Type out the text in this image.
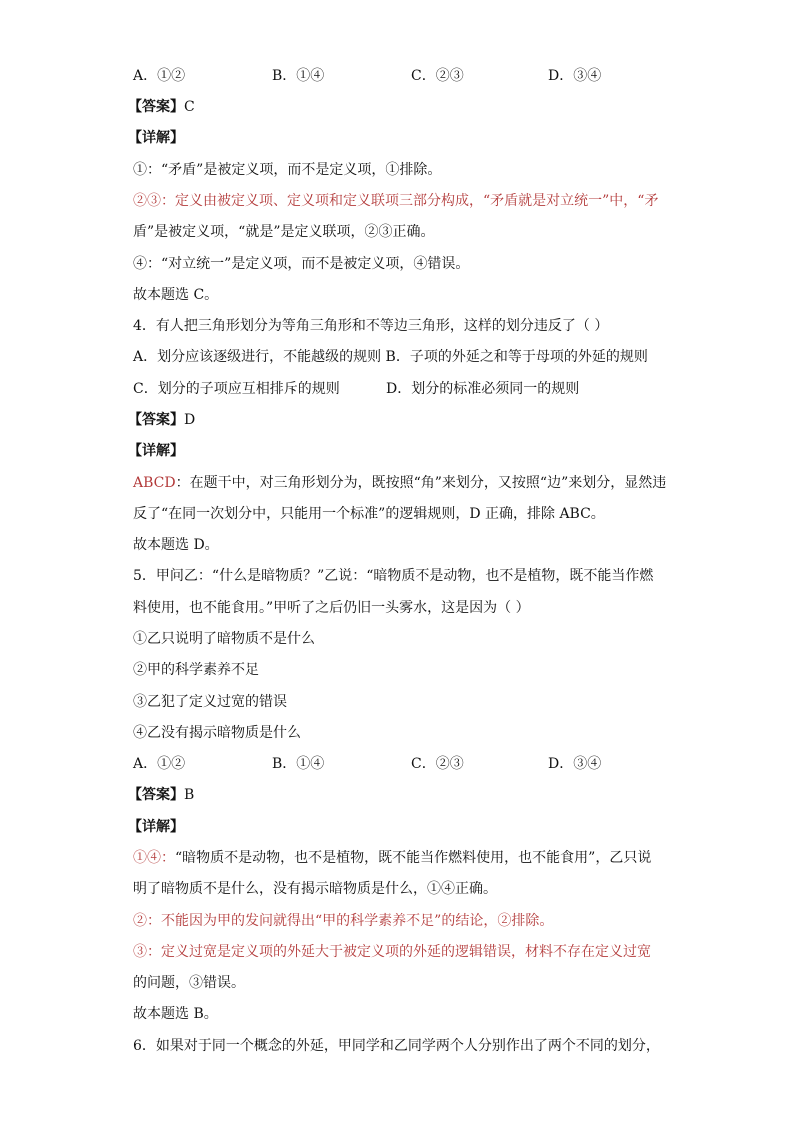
A．①②	B．①④	C．②③	D．③④
【答案】C
【详解】
①：“矛盾”是被定义项，而不是定义项，①排除。
②③：定义由被定义项、定义项和定义联项三部分构成，“矛盾就是对立统一”中，“矛
盾”是被定义项，“就是”是定义联项，②③正确。
④：“对立统一”是定义项，而不是被定义项，④错误。
故本题选 C。
4．有人把三角形划分为等角三角形和不等边三角形，这样的划分违反了（ ）
A．划分应该逐级进行，不能越级的规则 B．子项的外延之和等于母项的外延的规则
C．划分的子项应互相排斥的规则	D．划分的标准必须同一的规则
【答案】D
【详解】
ABCD：在题干中，对三角形划分为，既按照“角”来划分，又按照“边”来划分，显然违
反了“在同一次划分中，只能用一个标准”的逻辑规则，D 正确，排除 ABC。
故本题选 D。
5．甲问乙：“什么是暗物质？”乙说：“暗物质不是动物，也不是植物，既不能当作燃
料使用，也不能食用。”甲听了之后仍旧一头雾水，这是因为（ ）
①乙只说明了暗物质不是什么
②甲的科学素养不足
③乙犯了定义过宽的错误
④乙没有揭示暗物质是什么
A．①②	B．①④	C．②③	D．③④
【答案】B
【详解】
①④：“暗物质不是动物，也不是植物，既不能当作燃料使用，也不能食用”，乙只说
明了暗物质不是什么，没有揭示暗物质是什么，①④正确。
②：不能因为甲的发问就得出“甲的科学素养不足”的结论，②排除。
③：定义过宽是定义项的外延大于被定义项的外延的逻辑错误，材料不存在定义过宽
的问题，③错误。
故本题选 B。
6．如果对于同一个概念的外延，甲同学和乙同学两个人分别作出了两个不同的划分，
